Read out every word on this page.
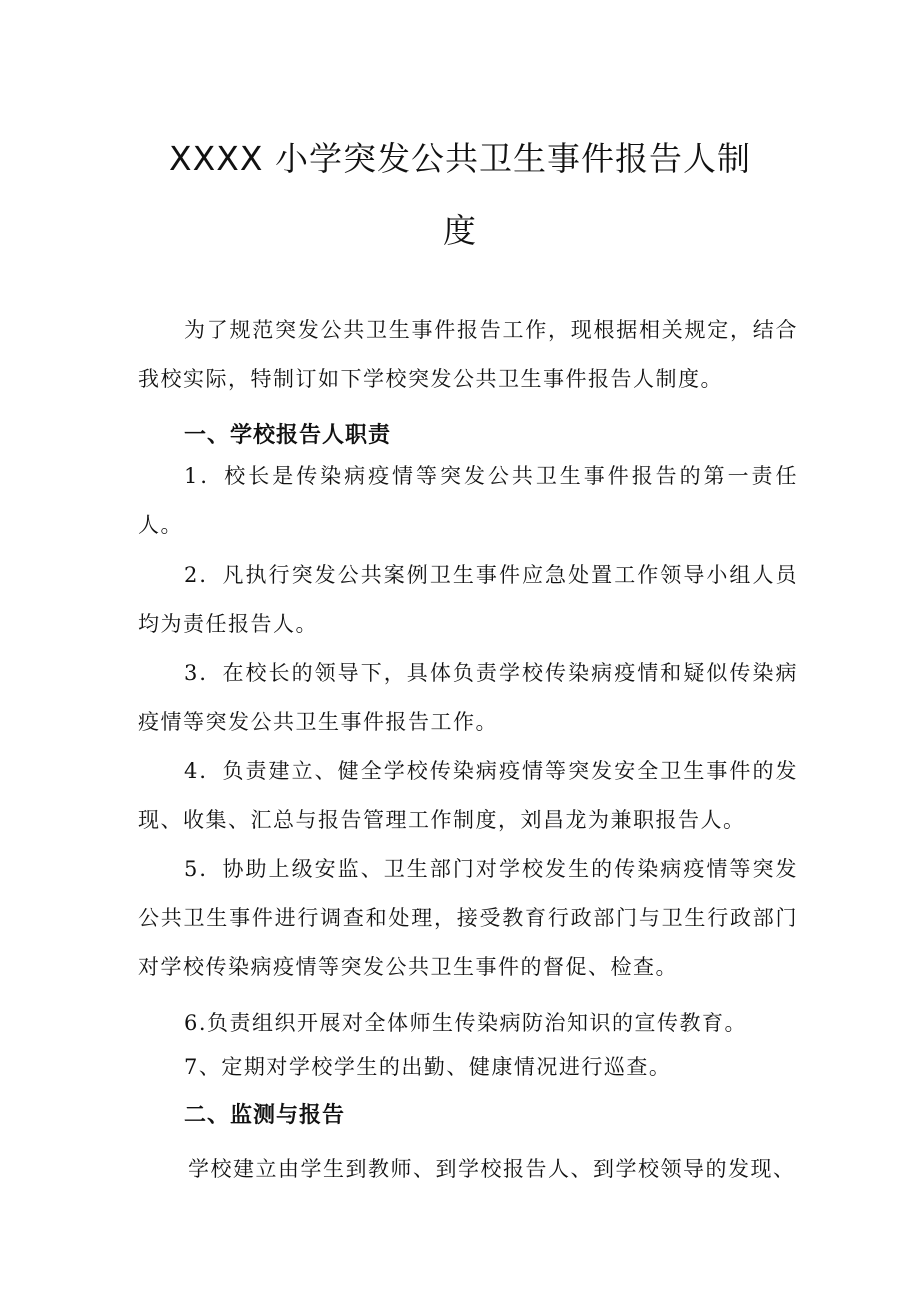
XXXX 小学突发公共卫生事件报告人制
度

为了规范突发公共卫生事件报告工作，现根据相关规定，结合我校实际，特制订如下学校突发公共卫生事件报告人制度。

一、学校报告人职责

1．校长是传染病疫情等突发公共卫生事件报告的第一责任人。

2．凡执行突发公共案例卫生事件应急处置工作领导小组人员均为责任报告人。

3．在校长的领导下，具体负责学校传染病疫情和疑似传染病疫情等突发公共卫生事件报告工作。

4．负责建立、健全学校传染病疫情等突发安全卫生事件的发现、收集、汇总与报告管理工作制度，刘昌龙为兼职报告人。

5．协助上级安监、卫生部门对学校发生的传染病疫情等突发公共卫生事件进行调查和处理，接受教育行政部门与卫生行政部门对学校传染病疫情等突发公共卫生事件的督促、检查。

6.负责组织开展对全体师生传染病防治知识的宣传教育。

7、定期对学校学生的出勤、健康情况进行巡查。

二、监测与报告

学校建立由学生到教师、到学校报告人、到学校领导的发现、
